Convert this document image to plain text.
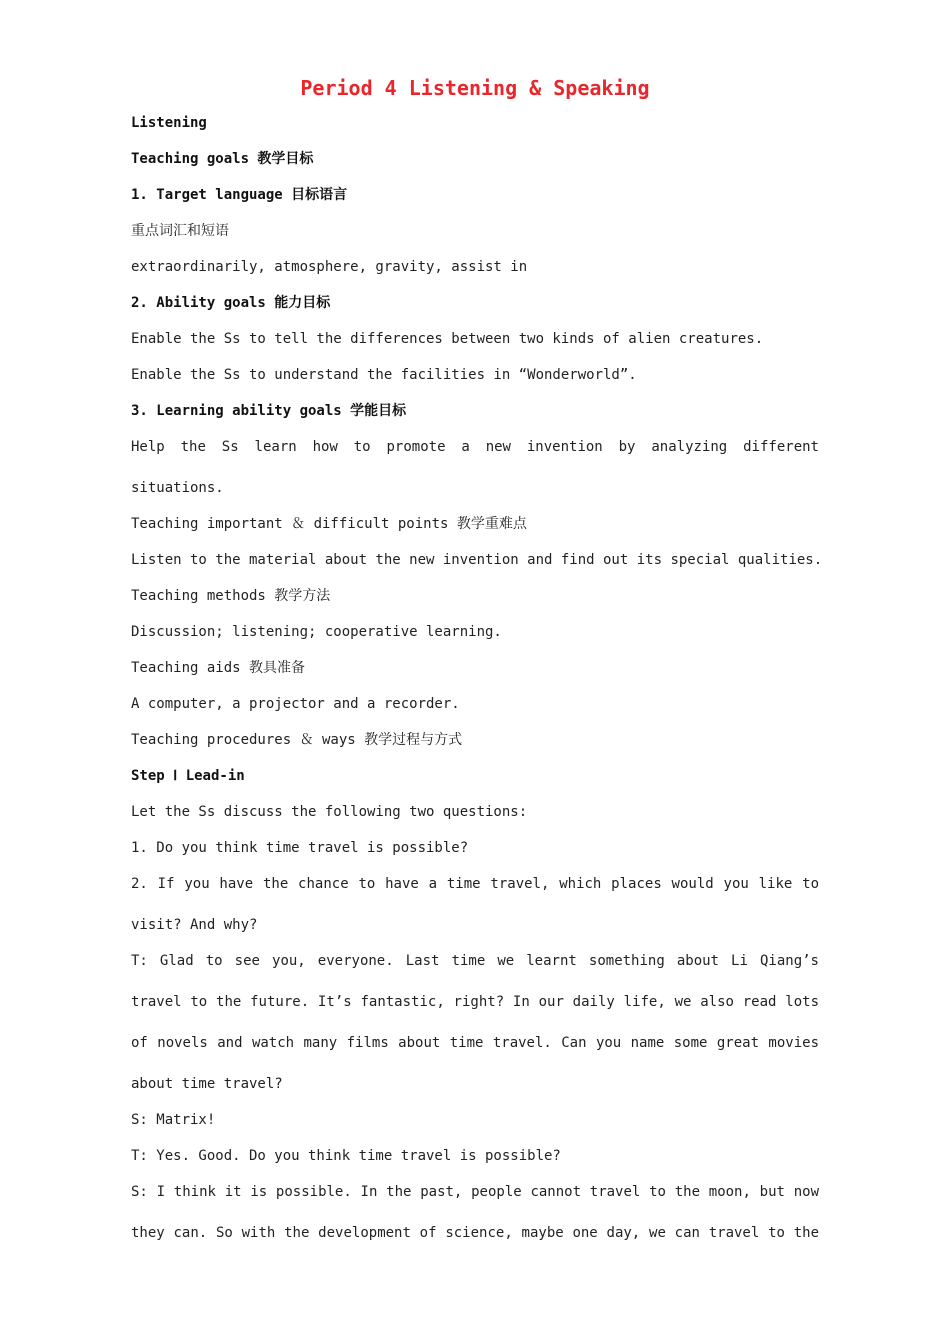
Period 4 Listening & Speaking
Listening
Teaching goals 教学目标
1. Target language 目标语言
重点词汇和短语
extraordinarily, atmosphere, gravity, assist in
2. Ability goals 能力目标
Enable the Ss to tell the differences between two kinds of alien creatures.
Enable the Ss to understand the facilities in “Wonderworld”.
3. Learning ability goals 学能目标
Help the Ss learn how to promote a new invention by analyzing different
situations.
Teaching important ＆ difficult points 教学重难点
Listen to the material about the new invention and find out its special qualities.
Teaching methods 教学方法
Discussion; listening; cooperative learning.
Teaching aids 教具准备
A computer, a projector and a recorder.
Teaching procedures ＆ ways 教学过程与方式
Step Ⅰ Lead-in
Let the Ss discuss the following two questions:
1. Do you think time travel is possible?
2. If you have the chance to have a time travel, which places would you like to
visit? And why?
T: Glad to see you, everyone. Last time we learnt something about Li Qiang’s
travel to the future. It’s fantastic, right? In our daily life, we also read lots
of novels and watch many films about time travel. Can you name some great movies
about time travel?
S: Matrix!
T: Yes. Good. Do you think time travel is possible?
S: I think it is possible. In the past, people cannot travel to the moon, but now
they can. So with the development of science, maybe one day, we can travel to the
